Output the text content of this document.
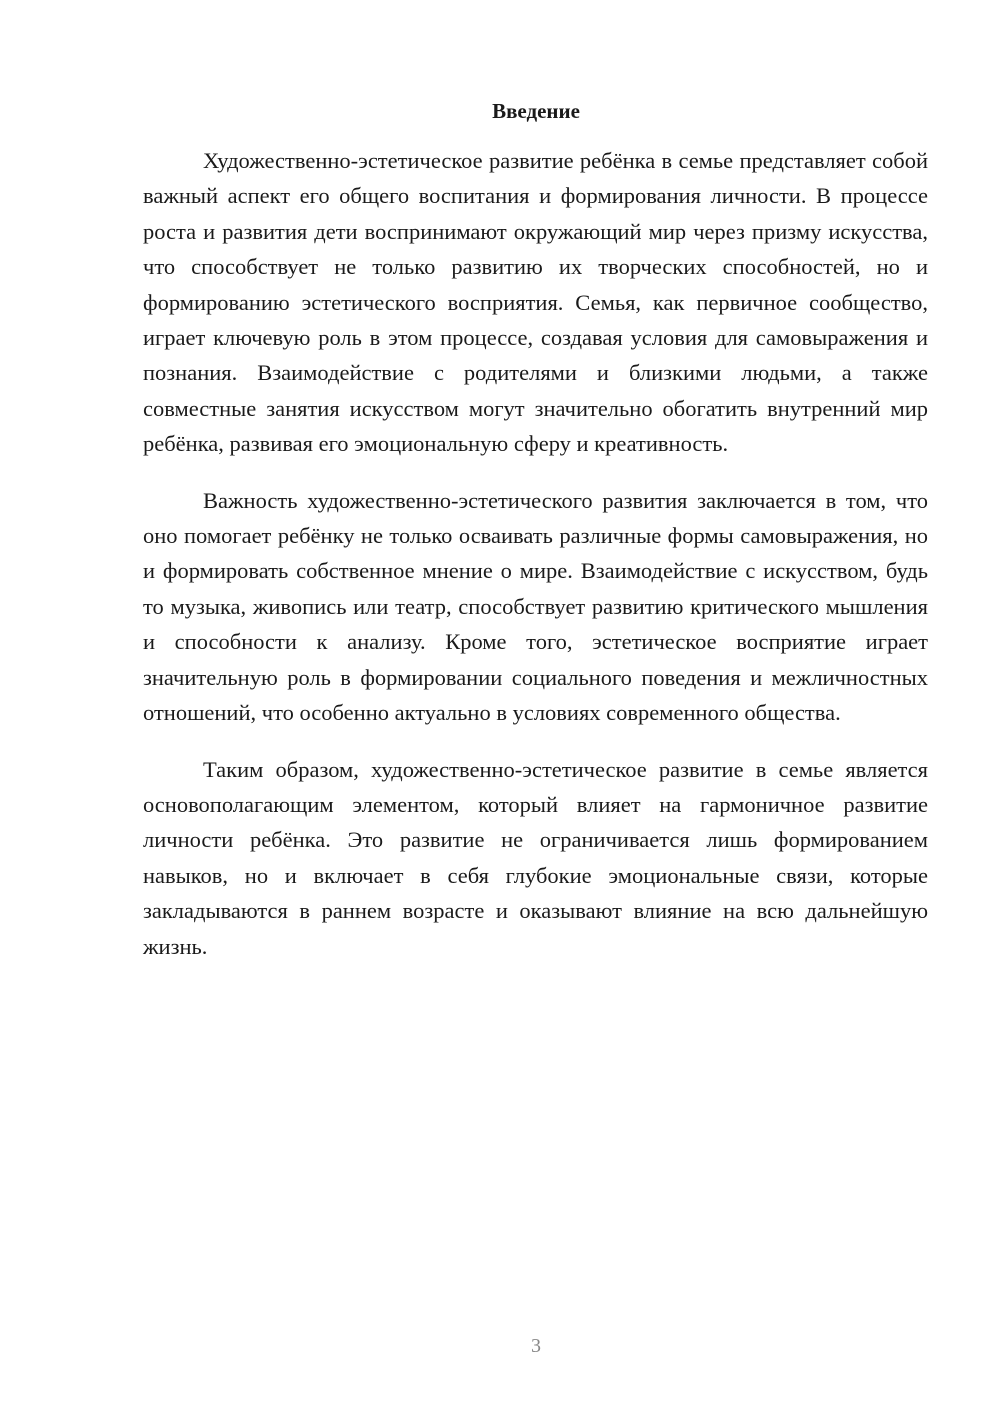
Введение

Художественно-эстетическое развитие ребёнка в семье представляет собой важный аспект его общего воспитания и формирования личности. В процессе роста и развития дети воспринимают окружающий мир через призму искусства, что способствует не только развитию их творческих способностей, но и формированию эстетического восприятия. Семья, как первичное сообщество, играет ключевую роль в этом процессе, создавая условия для самовыражения и познания. Взаимодействие с родителями и близкими людьми, а также совместные занятия искусством могут значительно обогатить внутренний мир ребёнка, развивая его эмоциональную сферу и креативность.

Важность художественно-эстетического развития заключается в том, что оно помогает ребёнку не только осваивать различные формы самовыражения, но и формировать собственное мнение о мире. Взаимодействие с искусством, будь то музыка, живопись или театр, способствует развитию критического мышления и способности к анализу. Кроме того, эстетическое восприятие играет значительную роль в формировании социального поведения и межличностных отношений, что особенно актуально в условиях современного общества.

Таким образом, художественно-эстетическое развитие в семье является основополагающим элементом, который влияет на гармоничное развитие личности ребёнка. Это развитие не ограничивается лишь формированием навыков, но и включает в себя глубокие эмоциональные связи, которые закладываются в раннем возрасте и оказывают влияние на всю дальнейшую жизнь.

3
